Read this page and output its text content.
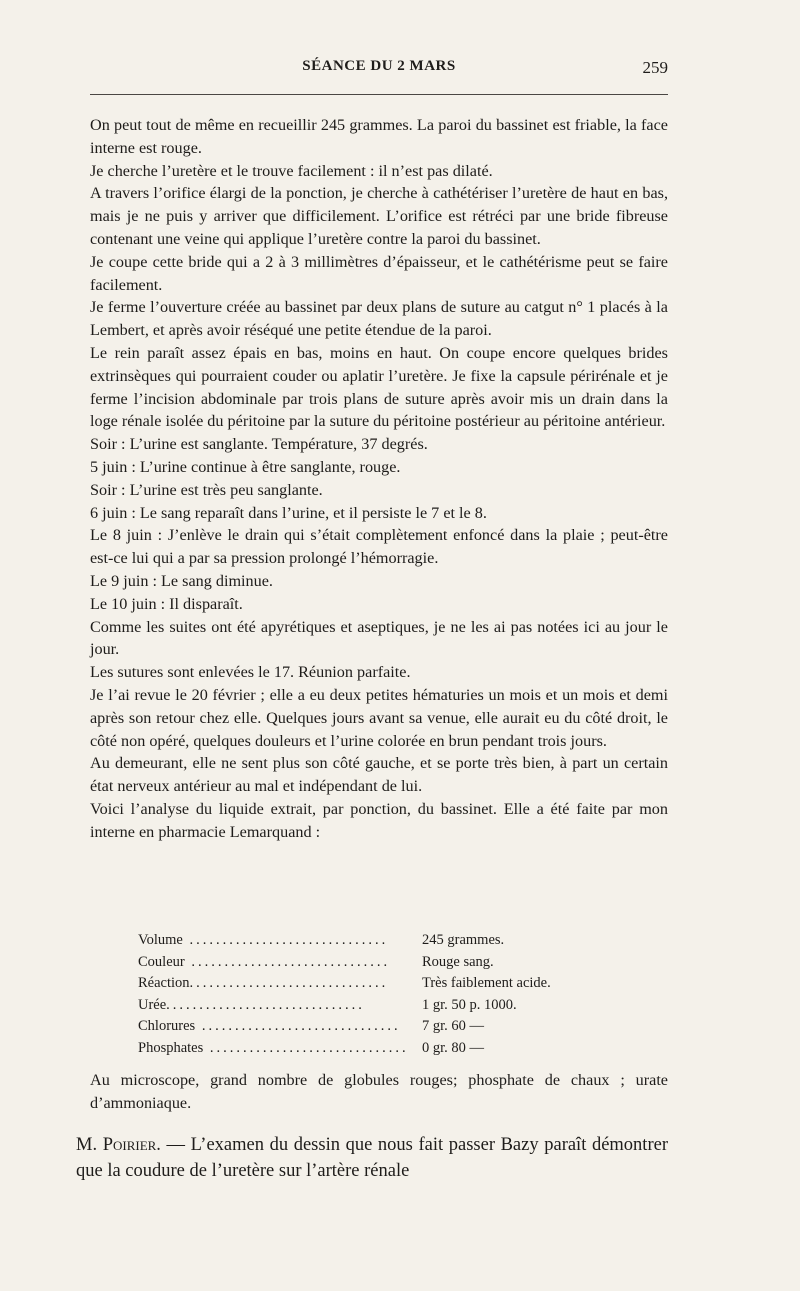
SÉANCE DU 2 MARS	259

On peut tout de même en recueillir 245 grammes. La paroi du bassinet est friable, la face interne est rouge.

Je cherche l’uretère et le trouve facilement : il n’est pas dilaté.

A travers l’orifice élargi de la ponction, je cherche à cathétériser l’uretère de haut en bas, mais je ne puis y arriver que difficilement. L’orifice est rétréci par une bride fibreuse contenant une veine qui applique l’uretère contre la paroi du bassinet.

Je coupe cette bride qui a 2 à 3 millimètres d’épaisseur, et le cathétérisme peut se faire facilement.

Je ferme l’ouverture créée au bassinet par deux plans de suture au catgut n° 1 placés à la Lembert, et après avoir réséqué une petite étendue de la paroi.

Le rein paraît assez épais en bas, moins en haut. On coupe encore quelques brides extrinsèques qui pourraient couder ou aplatir l’uretère. Je fixe la capsule périrénale et je ferme l’incision abdominale par trois plans de suture après avoir mis un drain dans la loge rénale isolée du péritoine par la suture du péritoine postérieur au péritoine antérieur.

Soir : L’urine est sanglante. Température, 37 degrés.

5 juin : L’urine continue à être sanglante, rouge.

Soir : L’urine est très peu sanglante.

6 juin : Le sang reparaît dans l’urine, et il persiste le 7 et le 8.

Le 8 juin : J’enlève le drain qui s’était complètement enfoncé dans la plaie ; peut-être est-ce lui qui a par sa pression prolongé l’hémorragie.

Le 9 juin : Le sang diminue.

Le 10 juin : Il disparaît.

Comme les suites ont été apyrétiques et aseptiques, je ne les ai pas notées ici au jour le jour.

Les sutures sont enlevées le 17. Réunion parfaite.

Je l’ai revue le 20 février ; elle a eu deux petites hématuries un mois et un mois et demi après son retour chez elle. Quelques jours avant sa venue, elle aurait eu du côté droit, le côté non opéré, quelques douleurs et l’urine colorée en brun pendant trois jours.

Au demeurant, elle ne sent plus son côté gauche, et se porte très bien, à part un certain état nerveux antérieur au mal et indépendant de lui.

Voici l’analyse du liquide extrait, par ponction, du bassinet. Elle a été faite par mon interne en pharmacie Lemarquand :

Volume ..............................	245 grammes.
Couleur ..............................	Rouge sang.
Réaction..............................	Très faiblement acide.
Urée..............................	1 gr. 50 p. 1000.
Chlorures ..............................	7 gr. 60 —
Phosphates .............................. 0 gr. 80 —

Au microscope, grand nombre de globules rouges; phosphate de chaux ; urate d’ammoniaque.

M. Poirier. — L’examen du dessin que nous fait passer Bazy paraît démontrer que la coudure de l’uretère sur l’artère rénale
